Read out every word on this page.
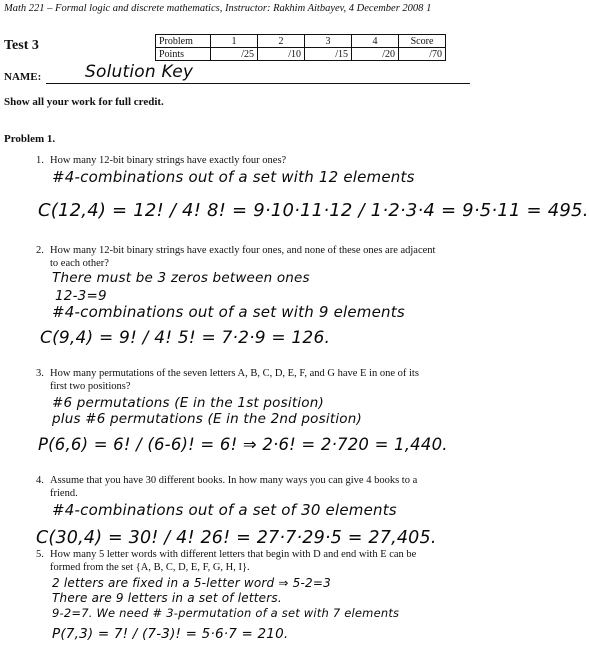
Math 221 – Formal logic and discrete mathematics, Instructor: Rakhim Aitbayev, 4 December 2008 1
Test 3	Problem	1	2	3	4	Score
Points	/25	/10	/15	/20	/70
NAME:	Solution Key
Show all your work for full credit.
Problem 1.
1. How many 12-bit binary strings have exactly four ones?
#4-combinations out of a set with 12 elements
C(12,4) = 12! / 4! 8! = 9·10·11·12 / 1·2·3·4 = 9·5·11 = 495.
2. How many 12-bit binary strings have exactly four ones, and none of these ones are adjacent
to each other?
There must be 3 zeros between ones
12-3=9
#4-combinations out of a set with 9 elements
C(9,4) = 9! / 4! 5! = 7·2·9 = 126.
3. How many permutations of the seven letters A, B, C, D, E, F, and G have E in one of its
first two positions?
#6 permutations (E in the 1st position)
plus #6 permutations (E in the 2nd position)
P(6,6) = 6! / (6-6)! = 6! ⇒ 2·6! = 2·720 = 1,440.
4. Assume that you have 30 different books. In how many ways you can give 4 books to a
friend.
#4-combinations out of a set of 30 elements
C(30,4) = 30! / 4! 26! = 27·7·29·5 = 27,405.
5. How many 5 letter words with different letters that begin with D and end with E can be
formed from the set {A, B, C, D, E, F, G, H, I}.
2 letters are fixed in a 5-letter word ⇒ 5-2=3
There are 9 letters in a set of letters.
9-2=7. We need # 3-permutation of a set with 7 elements
P(7,3) = 7! / (7-3)! = 5·6·7 = 210.
